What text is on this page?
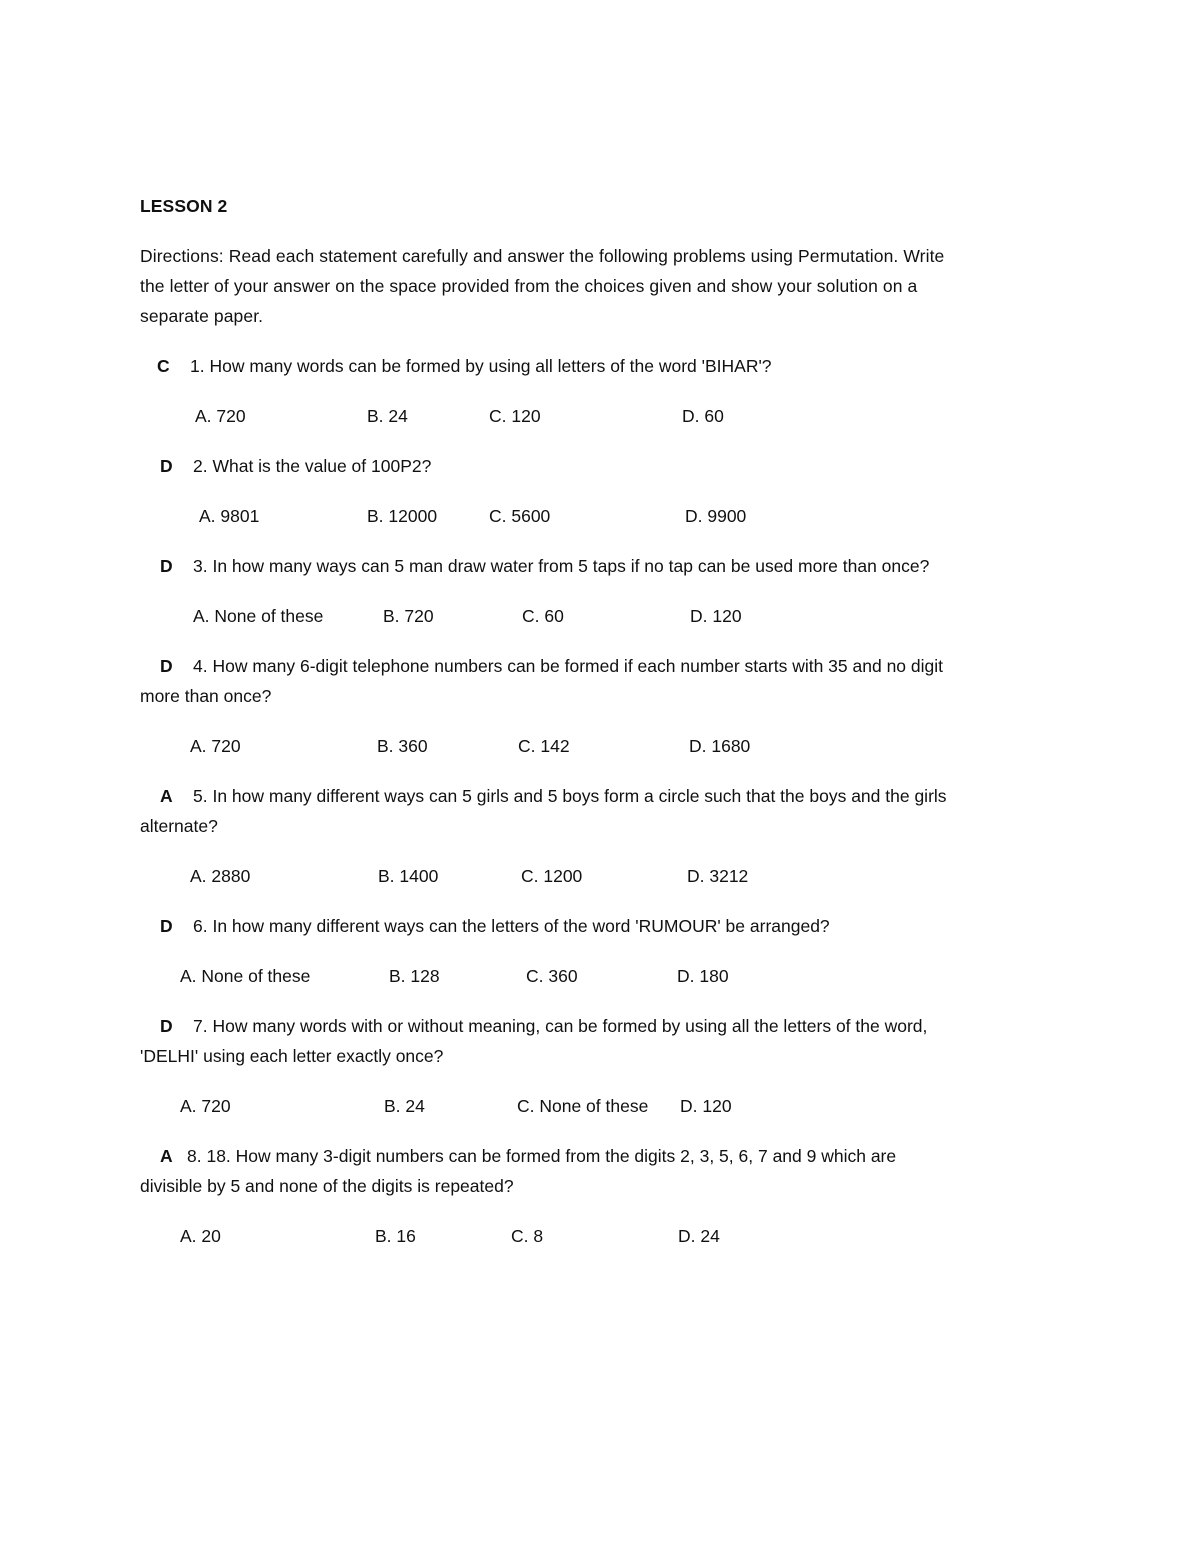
LESSON 2
Directions: Read each statement carefully and answer the following problems using Permutation. Write
the letter of your answer on the space provided from the choices given and show your solution on a
separate paper.
C 1. How many words can be formed by using all letters of the word 'BIHAR'?
A. 720	B. 24	C. 120	D. 60
D 2. What is the value of 100P2?
A. 9801	B. 12000	C. 5600	D. 9900
D 3. In how many ways can 5 man draw water from 5 taps if no tap can be used more than once?
A. None of these	B. 720	C. 60	D. 120
D 4. How many 6-digit telephone numbers can be formed if each number starts with 35 and no digit
more than once?
A. 720	B. 360	C. 142	D. 1680
A 5. In how many different ways can 5 girls and 5 boys form a circle such that the boys and the girls
alternate?
A. 2880	B. 1400	C. 1200	D. 3212
D 6. In how many different ways can the letters of the word 'RUMOUR' be arranged?
A. None of these	B. 128	C. 360	D. 180
D 7. How many words with or without meaning, can be formed by using all the letters of the word,
'DELHI' using each letter exactly once?
A. 720	B. 24	C. None of these D. 120
A 8. 18. How many 3-digit numbers can be formed from the digits 2, 3, 5, 6, 7 and 9 which are
divisible by 5 and none of the digits is repeated?
A. 20	B. 16	C. 8	D. 24
